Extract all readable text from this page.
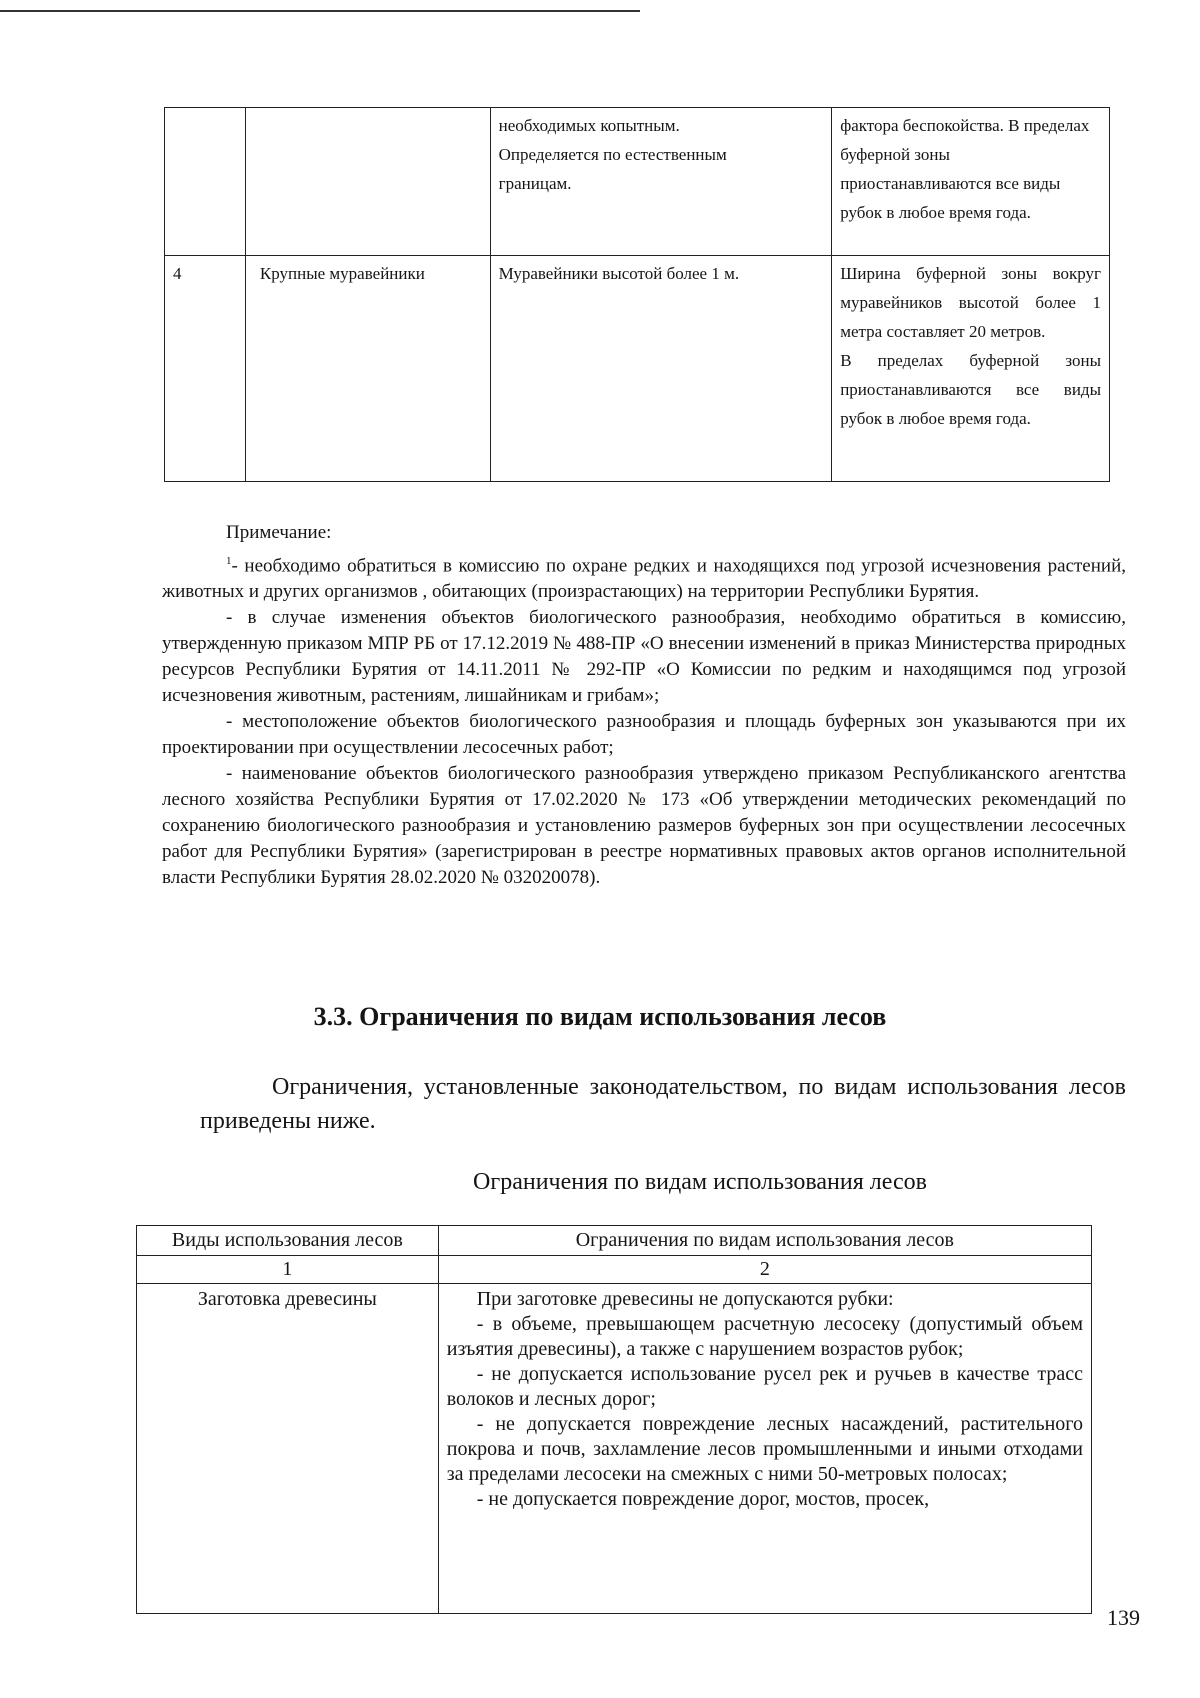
		необходимых копытным.
Определяется по естественным
границам.	фактора беспокойства. В пределах буферной зоны приостанавливаются все виды рубок в любое время года.
4	Крупные муравейники	Муравейники высотой более 1 м.	Ширина буферной зоны вокруг муравейников высотой более 1 метра составляет 20 метров.
В пределах буферной зоны приостанавливаются все виды рубок в любое время года.

Примечание:

$^1$- необходимо обратиться в комиссию по охране редких и находящихся под угрозой исчезновения растений, животных и других организмов , обитающих (произрастающих) на территории Республики Бурятия.

- в случае изменения объектов биологического разнообразия, необходимо обратиться в комиссию, утвержденную приказом МПР РБ от 17.12.2019 № 488-ПР «О внесении изменений в приказ Министерства природных ресурсов Республики Бурятия от 14.11.2011 № 292-ПР «О Комиссии по редким и находящимся под угрозой исчезновения животным, растениям, лишайникам и грибам»;

- местоположение объектов биологического разнообразия и площадь буферных зон указываются при их проектировании при осуществлении лесосечных работ;

- наименование объектов биологического разнообразия утверждено приказом Республиканского агентства лесного хозяйства Республики Бурятия от 17.02.2020 № 173 «Об утверждении методических рекомендаций по сохранению биологического разнообразия и установлению размеров буферных зон при осуществлении лесосечных работ для Республики Бурятия» (зарегистрирован в реестре нормативных правовых актов органов исполнительной власти Республики Бурятия 28.02.2020 № 032020078).

3.3. Ограничения по видам использования лесов

Ограничения, установленные законодательством, по видам использования лесов приведены ниже.

Ограничения по видам использования лесов
Виды использования лесов	Ограничения по видам использования лесов
1	2
Заготовка древесины	При заготовке древесины не допускаются рубки:

- в объеме, превышающем расчетную лесосеку (допустимый объем изъятия древесины), а также с нарушением возрастов рубок;

- не допускается использование русел рек и ручьев в качестве трасс волоков и лесных дорог;

- не допускается повреждение лесных насаждений, растительного покрова и почв, захламление лесов промышленными и иными отходами за пределами лесосеки на смежных с ними 50-метровых полосах;

- не допускается повреждение дорог, мостов, просек,

139
